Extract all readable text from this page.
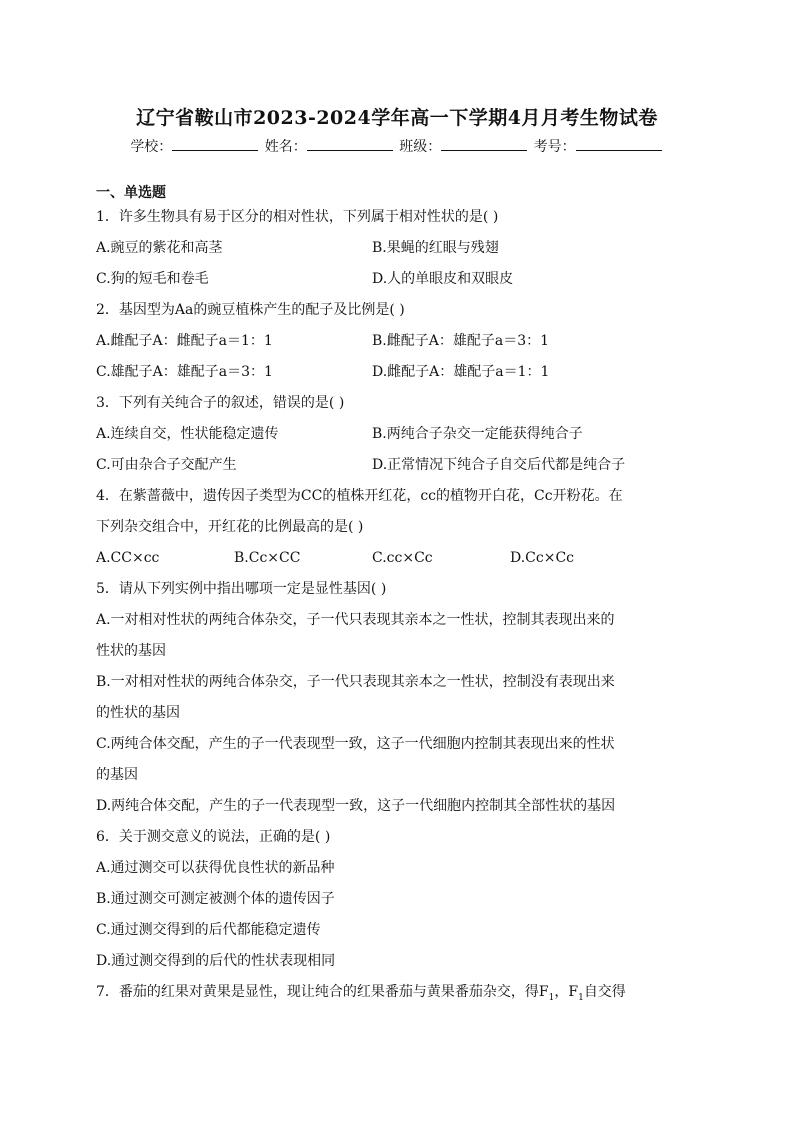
辽宁省鞍山市2023-2024学年高一下学期4月月考生物试卷
学校：	姓名：	班级：	考号：
一、单选题
1．许多生物具有易于区分的相对性状，下列属于相对性状的是( )
A.豌豆的紫花和高茎	B.果蝇的红眼与残翅
C.狗的短毛和卷毛	D.人的单眼皮和双眼皮
2．基因型为Aa的豌豆植株产生的配子及比例是( )
A.雌配子A：雌配子a＝1：1	B.雌配子A：雄配子a＝3：1
C.雄配子A：雄配子a＝3：1	D.雌配子A：雄配子a＝1：1
3．下列有关纯合子的叙述，错误的是( )
A.连续自交，性状能稳定遗传	B.两纯合子杂交一定能获得纯合子
C.可由杂合子交配产生	D.正常情况下纯合子自交后代都是纯合子
4．在紫蔷薇中，遗传因子类型为CC的植株开红花，cc的植物开白花，Cc开粉花。在
下列杂交组合中，开红花的比例最高的是( )
A.CC×cc	B.Cc×CC	C.cc×Cc	D.Cc×Cc
5．请从下列实例中指出哪项一定是显性基因( )
A.一对相对性状的两纯合体杂交，子一代只表现其亲本之一性状，控制其表现出来的
性状的基因
B.一对相对性状的两纯合体杂交，子一代只表现其亲本之一性状，控制没有表现出来
的性状的基因
C.两纯合体交配，产生的子一代表现型一致，这子一代细胞内控制其表现出来的性状
的基因
D.两纯合体交配，产生的子一代表现型一致，这子一代细胞内控制其全部性状的基因
6．关于测交意义的说法，正确的是( )
A.通过测交可以获得优良性状的新品种
B.通过测交可测定被测个体的遗传因子
C.通过测交得到的后代都能稳定遗传
D.通过测交得到的后代的性状表现相同
7．番茄的红果对黄果是显性，现让纯合的红果番茄与黄果番茄杂交，得$F_1$，$F_1$自交得
